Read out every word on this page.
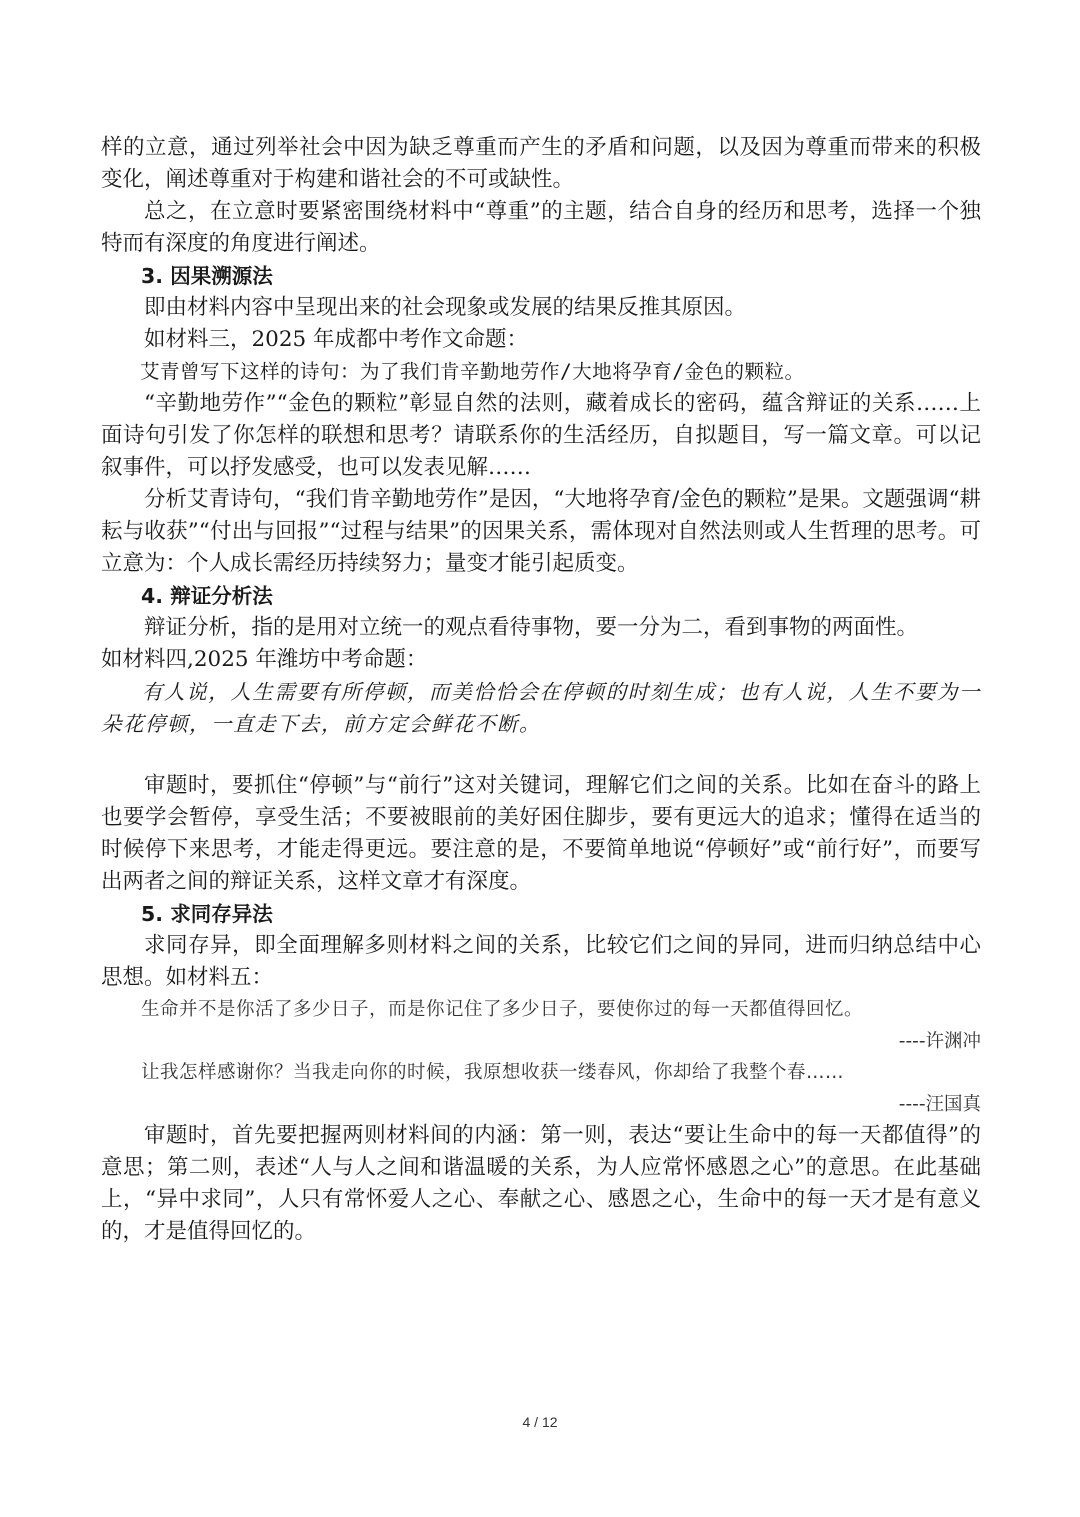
样的立意，通过列举社会中因为缺乏尊重而产生的矛盾和问题，以及因为尊重而带来的积极变化，阐述尊重对于构建和谐社会的不可或缺性。

总之，在立意时要紧密围绕材料中“尊重”的主题，结合自身的经历和思考，选择一个独特而有深度的角度进行阐述。

3. 因果溯源法

即由材料内容中呈现出来的社会现象或发展的结果反推其原因。

如材料三，2025 年成都中考作文命题：

艾青曾写下这样的诗句：为了我们肯辛勤地劳作/大地将孕育/金色的颗粒。

“辛勤地劳作”“金色的颗粒”彰显自然的法则，藏着成长的密码，蕴含辩证的关系……上面诗句引发了你怎样的联想和思考？请联系你的生活经历，自拟题目，写一篇文章。可以记叙事件，可以抒发感受，也可以发表见解……

分析艾青诗句，“我们肯辛勤地劳作”是因，“大地将孕育/金色的颗粒”是果。文题强调“耕耘与收获”“付出与回报”“过程与结果”的因果关系，需体现对自然法则或人生哲理的思考。可立意为：个人成长需经历持续努力；量变才能引起质变。

4. 辩证分析法

辩证分析，指的是用对立统一的观点看待事物，要一分为二，看到事物的两面性。

如材料四,2025 年潍坊中考命题：

有人说，人生需要有所停顿，而美恰恰会在停顿的时刻生成；也有人说，人生不要为一朵花停顿，一直走下去，前方定会鲜花不断。

审题时，要抓住“停顿”与“前行”这对关键词，理解它们之间的关系。比如在奋斗的路上也要学会暂停，享受生活；不要被眼前的美好困住脚步，要有更远大的追求；懂得在适当的时候停下来思考，才能走得更远。要注意的是，不要简单地说“停顿好”或“前行好”，而要写出两者之间的辩证关系，这样文章才有深度。

5. 求同存异法

求同存异，即全面理解多则材料之间的关系，比较它们之间的异同，进而归纳总结中心思想。如材料五：

生命并不是你活了多少日子，而是你记住了多少日子，要使你过的每一天都值得回忆。

----许渊冲

让我怎样感谢你？当我走向你的时候，我原想收获一缕春风，你却给了我整个春……

----汪国真

审题时，首先要把握两则材料间的内涵：第一则，表达“要让生命中的每一天都值得”的意思；第二则，表述“人与人之间和谐温暖的关系，为人应常怀感恩之心”的意思。在此基础上，“异中求同”，人只有常怀爱人之心、奉献之心、感恩之心，生命中的每一天才是有意义的，才是值得回忆的。

4 / 12
